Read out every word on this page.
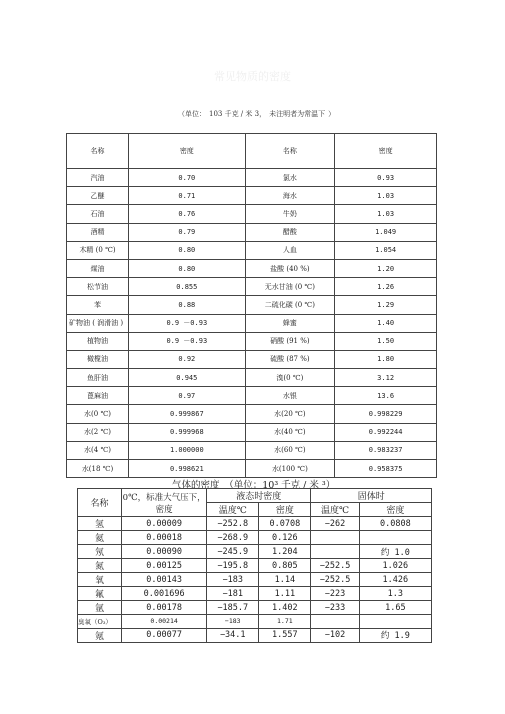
常见物质的密度
（单位： 103 千克 / 米 3， 未注明者为常温下 ）
名称	密度	名称	密度
汽油	0.70	氯水	0.93
乙醚	0.71	海水	1.03
石油	0.76	牛奶	1.03
酒精	0.79	醋酸	1.049
木精 (0 ℃)	0.80	人血	1.054
煤油	0.80	盐酸 (40 %)	1.20
松节油	0.855	无水甘油 (0 ℃)	1.26
苯	0.88	二硫化碳 (0 ℃)	1.29
矿物油 ( 润滑油 )	0.9 －0.93	蜂蜜	1.40
植物油	0.9 －0.93	硝酸 (91 %)	1.50
橄榄油	0.92	硫酸 (87 %)	1.80
鱼肝油	0.945	溴(0 ℃)	3.12
蓖麻油	0.97	水银	13.6
水(0 ℃)	0.999867	水(20 ℃)	0.998229
水(2 ℃)	0.999968	水(40 ℃)	0.992244
水(4 ℃)	1.000000	水(60 ℃)	0.983237
水(18 ℃)	0.998621	水(100 ℃)	0.958375
气体的密度　（单位：10³ 千克 / 米 ³）
名称	0℃，标准大气压下，密度	液态时密度		固体时	
		温度℃	密度	温度℃	密度
氢	0.00009	−252.8	0.0708	−262	0.0808
氦	0.00018	−268.9	0.126		
氖	0.00090	−245.9	1.204		约 1.0
氮	0.00125	−195.8	0.805	−252.5	1.026
氧	0.00143	−183	1.14	−252.5	1.426
氟	0.001696	−181	1.11	−223	1.3
氩	0.00178	−185.7	1.402	−233	1.65
臭氧（O₃）	0.00214	−183	1.71		
氪	0.00077	−34.1	1.557	−102	约 1.9
